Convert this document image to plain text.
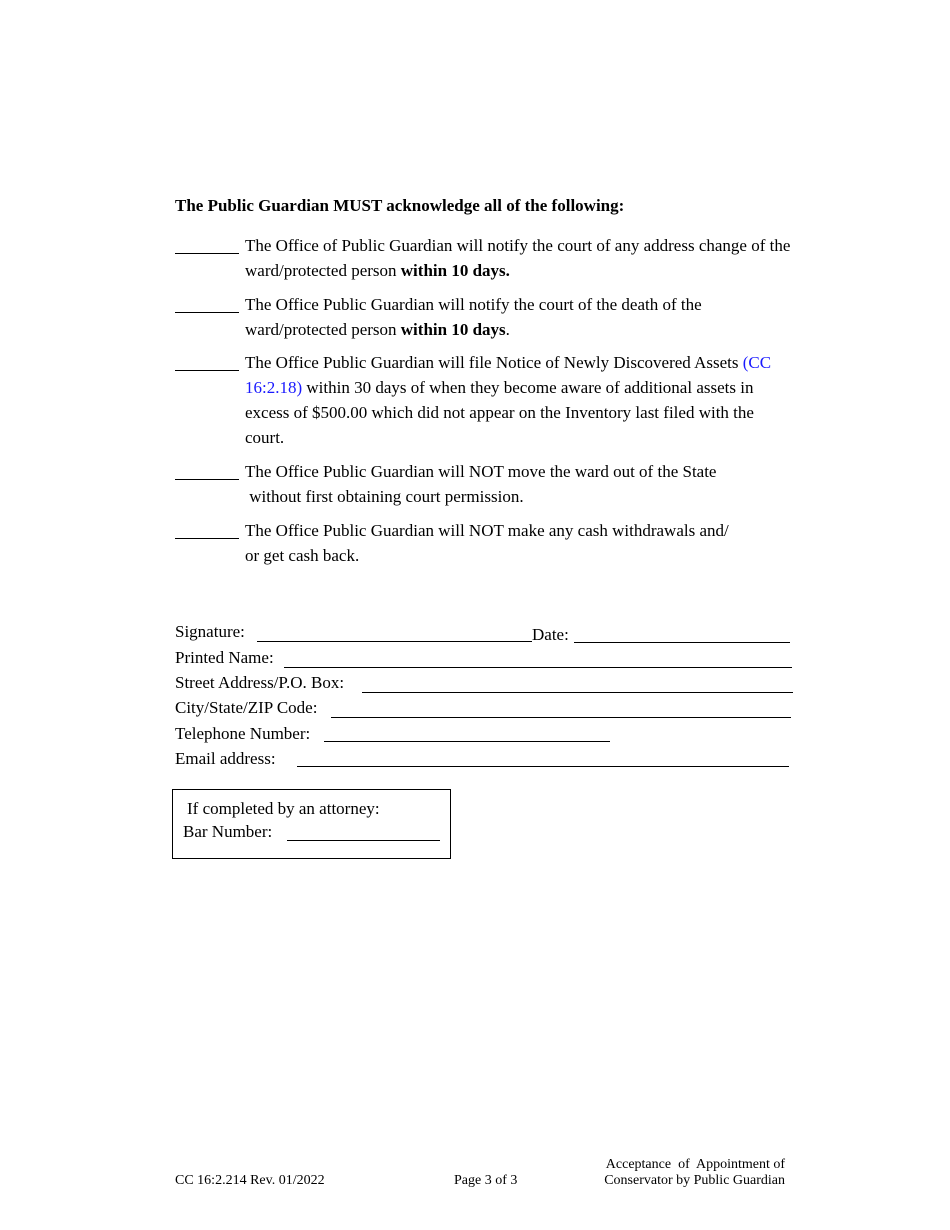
The Public Guardian MUST acknowledge all of the following:
The Office of Public Guardian will notify the court of any address change of the ward/protected person within 10 days.
The Office Public Guardian will notify the court of the death of the ward/protected person within 10 days.
The Office Public Guardian will file Notice of Newly Discovered Assets (CC 16:2.18) within 30 days of when they become aware of additional assets in excess of $500.00 which did not appear on the Inventory last filed with the court.
The Office Public Guardian will NOT move the ward out of the State
without first obtaining court permission.
The Office Public Guardian will NOT make any cash withdrawals and/
or get cash back.
Signature:	Date:
Printed Name:
Street Address/P.O. Box:
City/State/ZIP Code:
Telephone Number:
Email address:
If completed by an attorney:
Bar Number:
CC 16:2.214 Rev. 01/2022	Page 3 of 3
Acceptance  of  Appointment of
Conservator by Public Guardian
